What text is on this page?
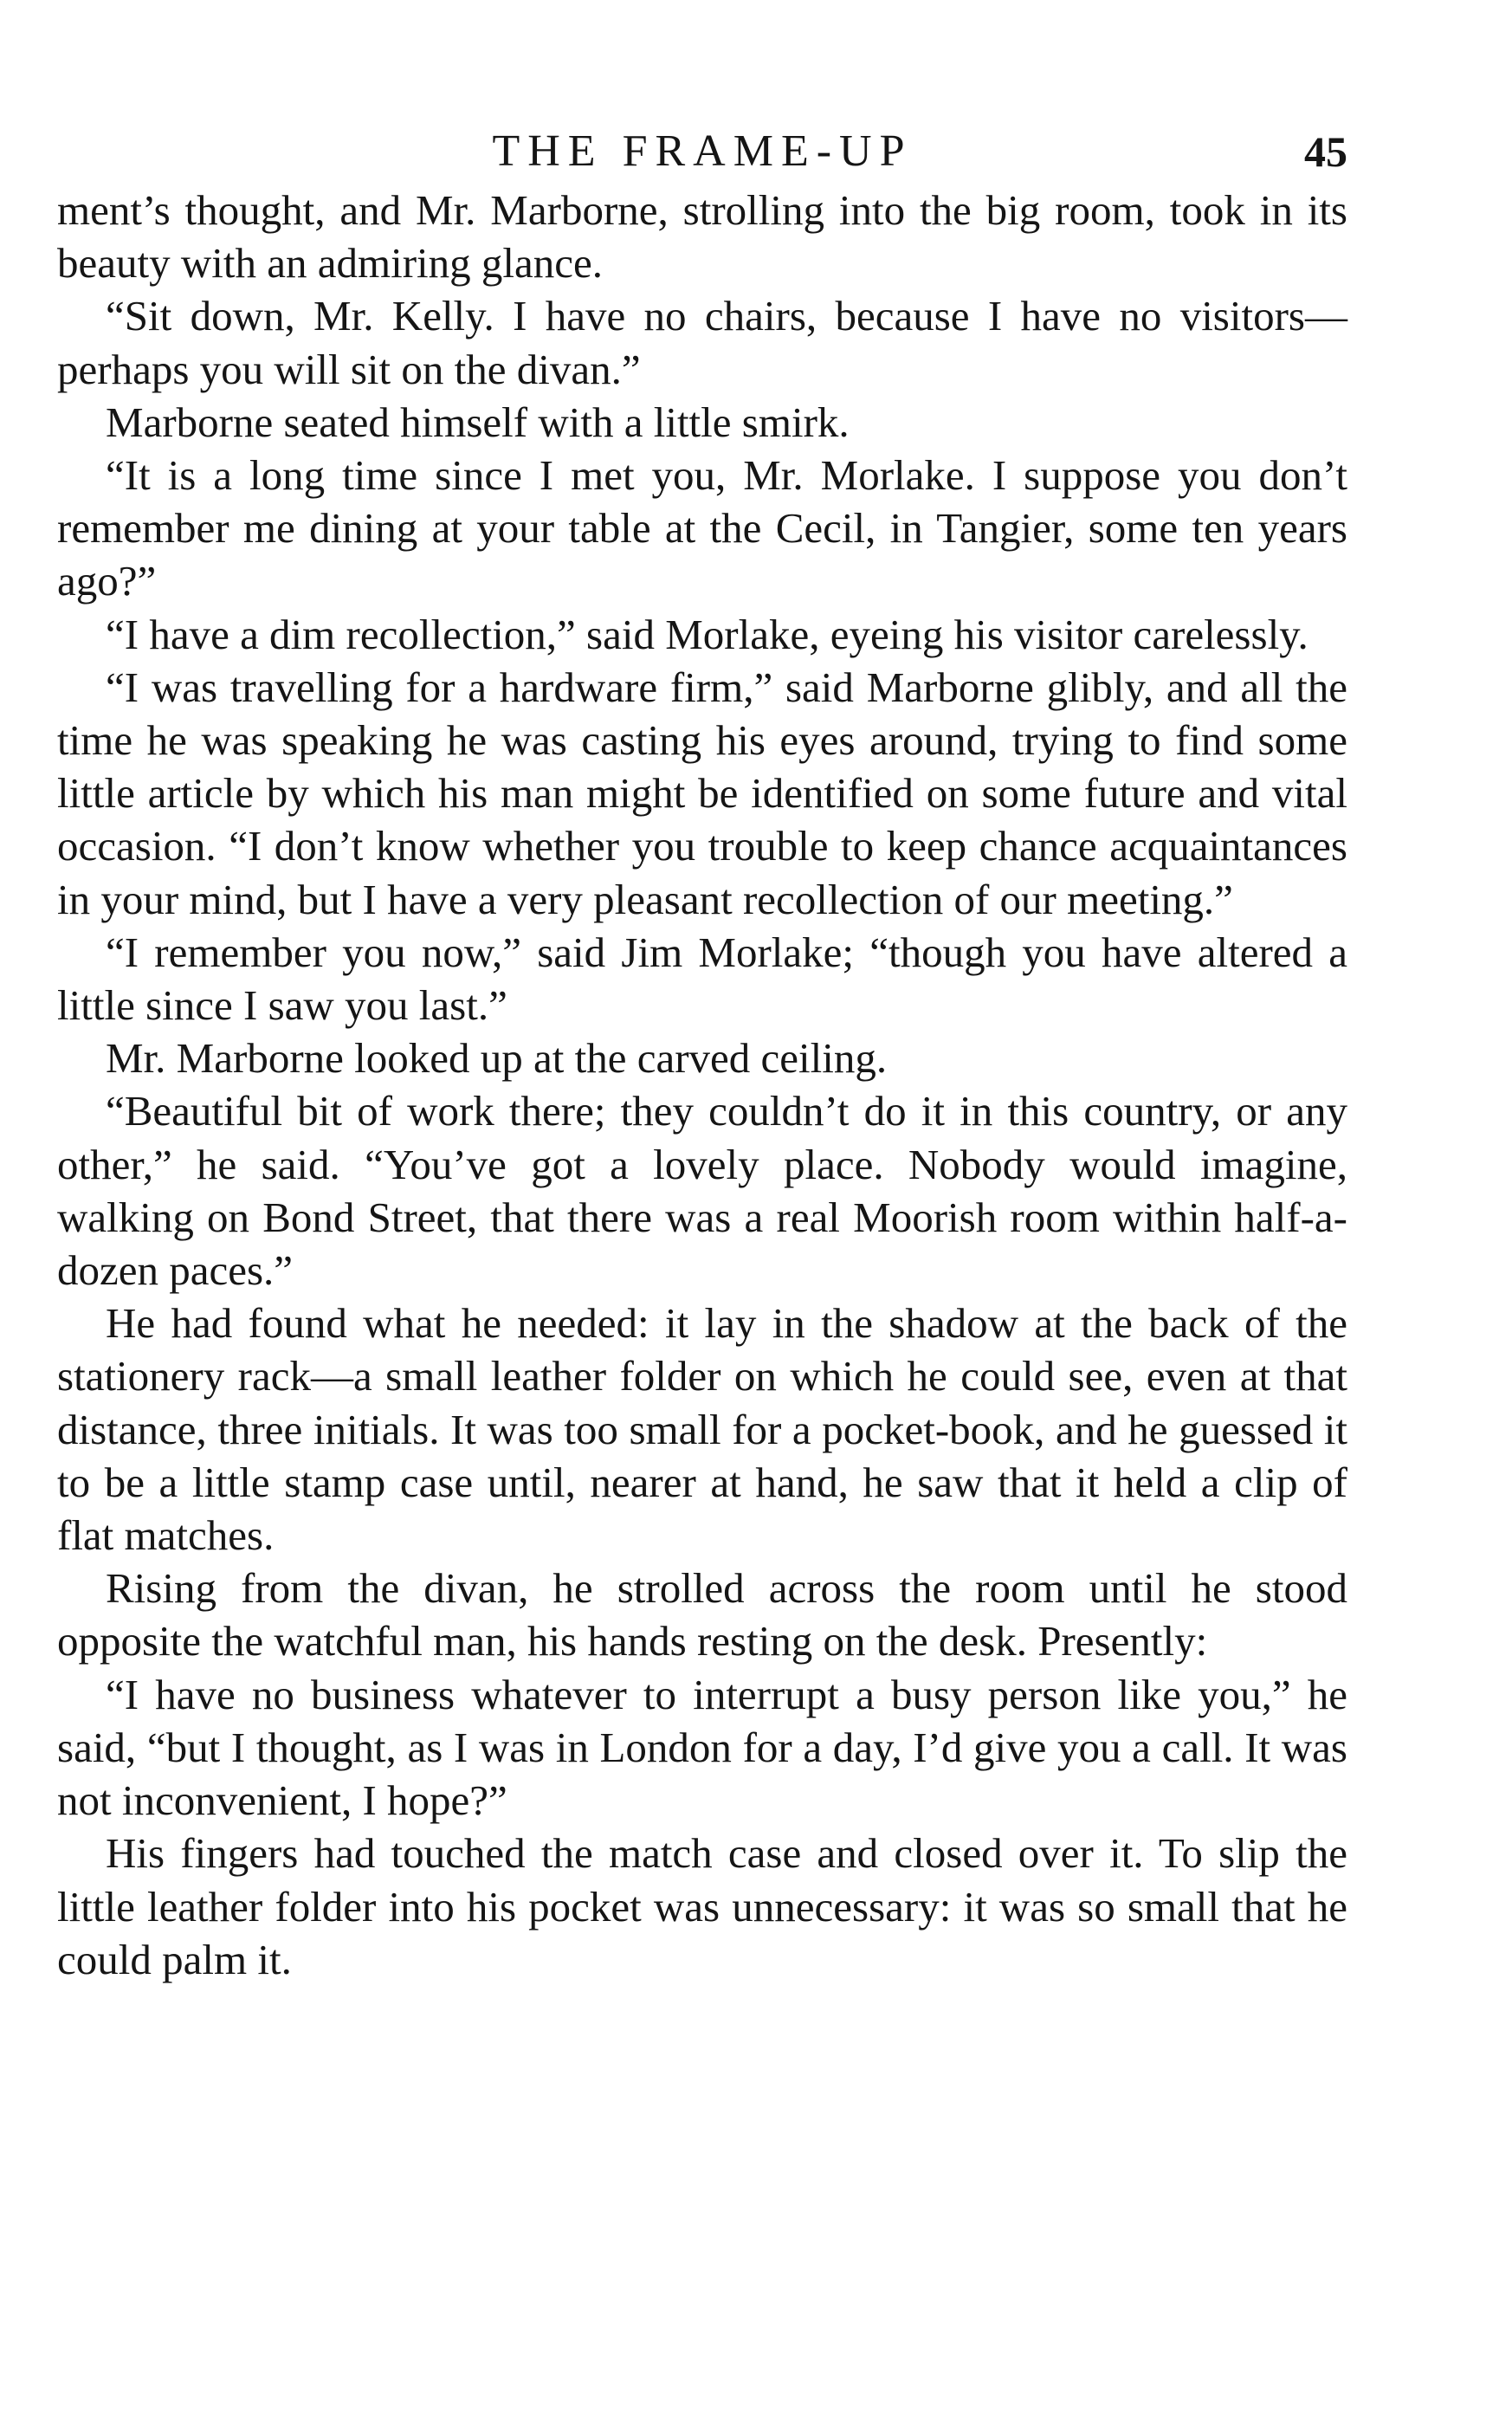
THE FRAME-UP	45

ment’s thought, and Mr. Marborne, strolling into the big room, took in its beauty with an admiring glance.

“Sit down, Mr. Kelly. I have no chairs, because I have no visitors—perhaps you will sit on the divan.”

Marborne seated himself with a little smirk.

“It is a long time since I met you, Mr. Morlake. I suppose you don’t remember me dining at your table at the Cecil, in Tangier, some ten years ago?”

“I have a dim recollection,” said Morlake, eyeing his visitor carelessly.

“I was travelling for a hardware firm,” said Marborne glibly, and all the time he was speaking he was casting his eyes around, trying to find some little article by which his man might be identified on some future and vital occasion. “I don’t know whether you trouble to keep chance acquaintances in your mind, but I have a very pleasant recollection of our meeting.”

“I remember you now,” said Jim Morlake; “though you have altered a little since I saw you last.”

Mr. Marborne looked up at the carved ceiling.

“Beautiful bit of work there; they couldn’t do it in this country, or any other,” he said. “You’ve got a lovely place. Nobody would imagine, walking on Bond Street, that there was a real Moorish room within half-a-dozen paces.”

He had found what he needed: it lay in the shadow at the back of the stationery rack—a small leather folder on which he could see, even at that distance, three initials. It was too small for a pocket-book, and he guessed it to be a little stamp case until, nearer at hand, he saw that it held a clip of flat matches.

Rising from the divan, he strolled across the room until he stood opposite the watchful man, his hands resting on the desk. Presently:

“I have no business whatever to interrupt a busy person like you,” he said, “but I thought, as I was in London for a day, I’d give you a call. It was not inconvenient, I hope?”

His fingers had touched the match case and closed over it. To slip the little leather folder into his pocket was unnecessary: it was so small that he could palm it.
